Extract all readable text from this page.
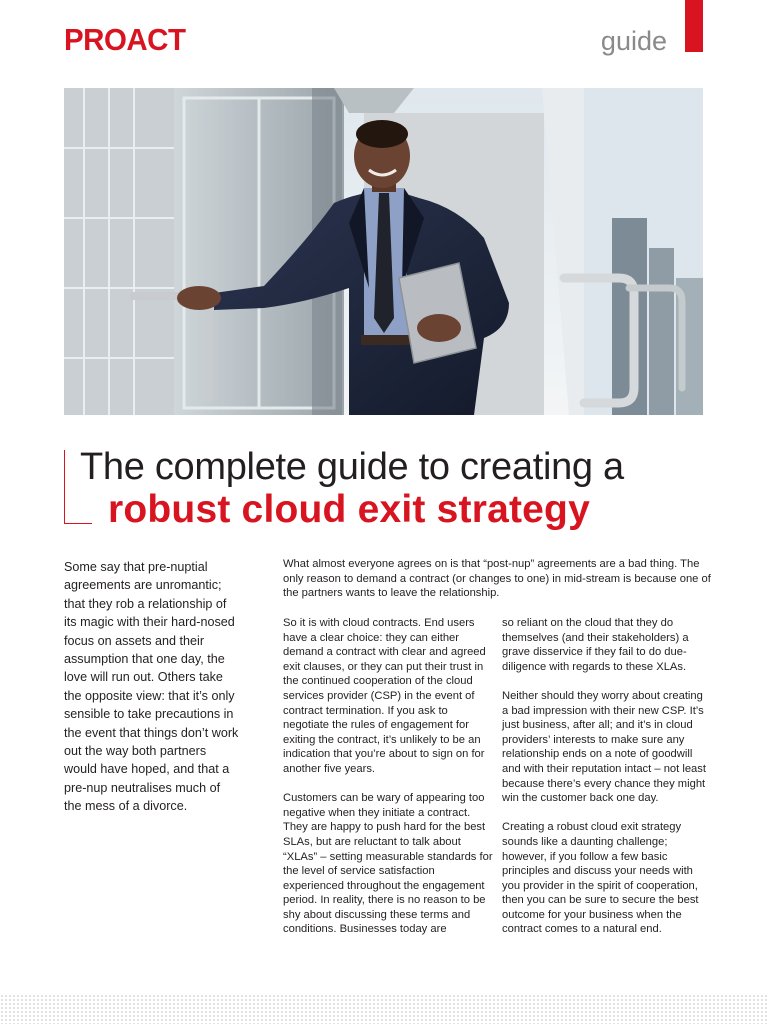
PROACT	guide
The complete guide to creating a
robust cloud exit strategy

Some say that pre-nuptial agreements are unromantic; that they rob a relationship of its magic with their hard-nosed focus on assets and their assumption that one day, the love will run out. Others take the opposite view: that it’s only sensible to take precautions in the event that things don’t work out the way both partners would have hoped, and that a pre-nup neutralises much of the mess of a divorce.

What almost everyone agrees on is that “post-nup” agreements are a bad thing. The only reason to demand a contract (or changes to one) in mid-stream is because one of the partners wants to leave the relationship.

So it is with cloud contracts. End users have a clear choice: they can either demand a contract with clear and agreed exit clauses, or they can put their trust in the continued cooperation of the cloud services provider (CSP) in the event of contract termination. If you ask to negotiate the rules of engagement for exiting the contract, it’s unlikely to be an indication that you’re about to sign on for another five years.

Customers can be wary of appearing too negative when they initiate a contract. They are happy to push hard for the best SLAs, but are reluctant to talk about “XLAs” – setting measurable standards for the level of service satisfaction experienced throughout the engagement period. In reality, there is no reason to be shy about discussing these terms and conditions. Businesses today are

so reliant on the cloud that they do themselves (and their stakeholders) a grave disservice if they fail to do due-diligence with regards to these XLAs.

Neither should they worry about creating a bad impression with their new CSP. It’s just business, after all; and it’s in cloud providers’ interests to make sure any relationship ends on a note of goodwill and with their reputation intact – not least because there’s every chance they might win the customer back one day.

Creating a robust cloud exit strategy sounds like a daunting challenge; however, if you follow a few basic principles and discuss your needs with you provider in the spirit of cooperation, then you can be sure to secure the best outcome for your business when the contract comes to a natural end.
